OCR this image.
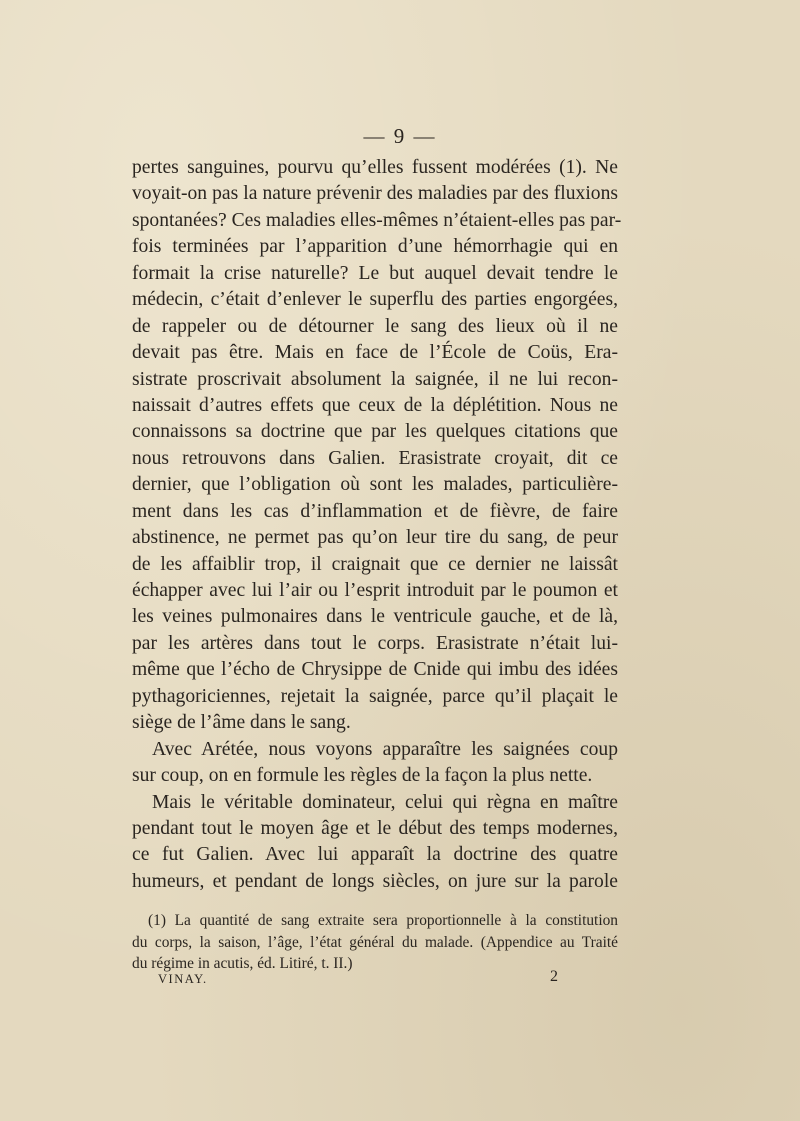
— 9 —
pertes sanguines, pourvu qu’elles fussent modérées (1). Ne
voyait-on pas la nature prévenir des maladies par des fluxions
spontanées? Ces maladies elles-mêmes n’étaient-elles pas par-
fois terminées par l’apparition d’une hémorrhagie qui en
formait la crise naturelle? Le but auquel devait tendre le
médecin, c’était d’enlever le superflu des parties engorgées,
de rappeler ou de détourner le sang des lieux où il ne
devait pas être. Mais en face de l’École de Coüs, Era-
sistrate proscrivait absolument la saignée, il ne lui recon-
naissait d’autres effets que ceux de la déplétition. Nous ne
connaissons sa doctrine que par les quelques citations que
nous retrouvons dans Galien. Erasistrate croyait, dit ce
dernier, que l’obligation où sont les malades, particulière-
ment dans les cas d’inflammation et de fièvre, de faire
abstinence, ne permet pas qu’on leur tire du sang, de peur
de les affaiblir trop, il craignait que ce dernier ne laissât
échapper avec lui l’air ou l’esprit introduit par le poumon et
les veines pulmonaires dans le ventricule gauche, et de là,
par les artères dans tout le corps. Erasistrate n’était lui-
même que l’écho de Chrysippe de Cnide qui imbu des idées
pythagoriciennes, rejetait la saignée, parce qu’il plaçait le
siège de l’âme dans le sang.
Avec Arétée, nous voyons apparaître les saignées coup
sur coup, on en formule les règles de la façon la plus nette.
Mais le véritable dominateur, celui qui règna en maître
pendant tout le moyen âge et le début des temps modernes,
ce fut Galien. Avec lui apparaît la doctrine des quatre
humeurs, et pendant de longs siècles, on jure sur la parole
(1) La quantité de sang extraite sera proportionnelle à la constitution
du corps, la saison, l’âge, l’état général du malade. (Appendice au Traité
du régime in acutis, éd. Litiré, t. II.)
VINAY.	2
